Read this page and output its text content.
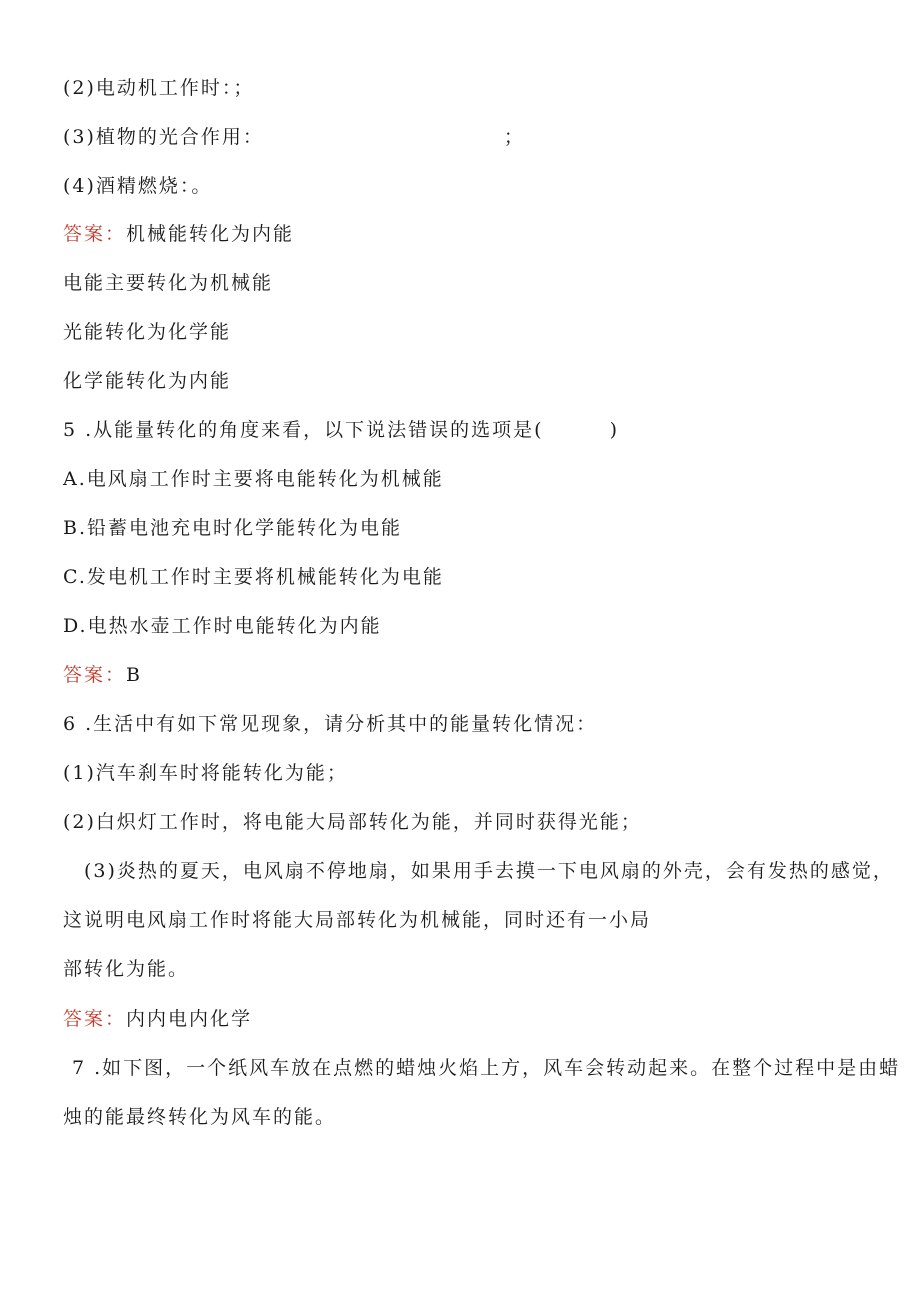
(2)电动机工作时：；
(3)植物的光合作用：	；
(4)酒精燃烧：。
答案：机械能转化为内能
电能主要转化为机械能
光能转化为化学能
化学能转化为内能
5 .从能量转化的角度来看，以下说法错误的选项是(	)
A.电风扇工作时主要将电能转化为机械能
B.铅蓄电池充电时化学能转化为电能
C.发电机工作时主要将机械能转化为电能
D.电热水壶工作时电能转化为内能
答案：B
6 .生活中有如下常见现象，请分析其中的能量转化情况：
(1)汽车刹车时将能转化为能；
(2)白炽灯工作时，将电能大局部转化为能，并同时获得光能；
(3)炎热的夏天，电风扇不停地扇，如果用手去摸一下电风扇的外壳，会有发热的感觉，
这说明电风扇工作时将能大局部转化为机械能，同时还有一小局
部转化为能。
答案：内内电内化学
7 .如下图，一个纸风车放在点燃的蜡烛火焰上方，风车会转动起来。在整个过程中是由蜡
烛的能最终转化为风车的能。
